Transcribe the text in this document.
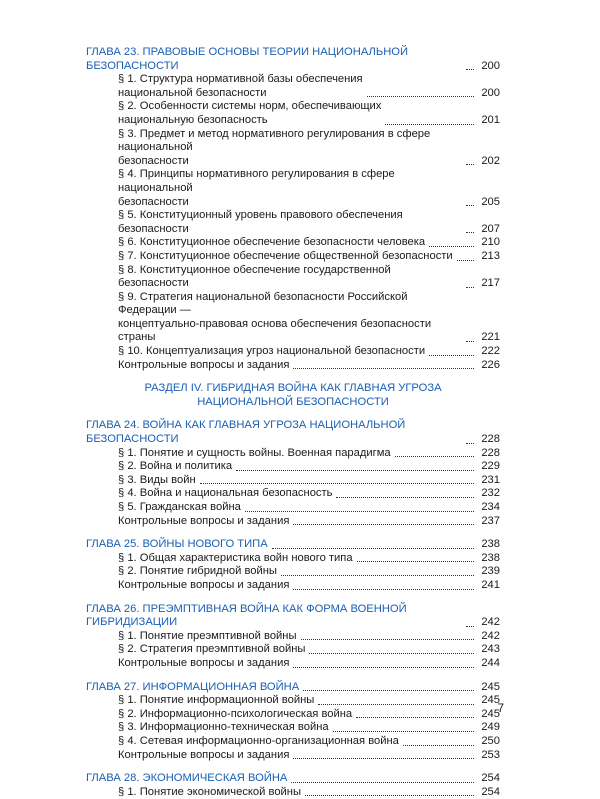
ГЛАВА 23. ПРАВОВЫЕ ОСНОВЫ ТЕОРИИ НАЦИОНАЛЬНОЙ БЕЗОПАСНОСТИ	200
§ 1. Структура нормативной базы обеспечения
национальной безопасности	200
§ 2. Особенности системы норм, обеспечивающих
национальную безопасность	201
§ 3. Предмет и метод нормативного регулирования в сфере национальной
безопасности	202
§ 4. Принципы нормативного регулирования в сфере национальной
безопасности	205
§ 5. Конституционный уровень правового обеспечения безопасности	207
§ 6. Конституционное обеспечение безопасности человека	210
§ 7. Конституционное обеспечение общественной безопасности	213
§ 8. Конституционное обеспечение государственной безопасности	217
§ 9. Стратегия национальной безопасности Российской Федерации —
концептуально-правовая основа обеспечения безопасности страны	221
§ 10. Концептуализация угроз национальной безопасности	222
Контрольные вопросы и задания	226
РАЗДЕЛ IV. ГИБРИДНАЯ ВОЙНА КАК ГЛАВНАЯ УГРОЗА
НАЦИОНАЛЬНОЙ БЕЗОПАСНОСТИ
ГЛАВА 24. ВОЙНА КАК ГЛАВНАЯ УГРОЗА НАЦИОНАЛЬНОЙ БЕЗОПАСНОСТИ	228
§ 1. Понятие и сущность войны. Военная парадигма	228
§ 2. Война и политика	229
§ 3. Виды войн	231
§ 4. Война и национальная безопасность	232
§ 5. Гражданская война	234
Контрольные вопросы и задания	237
ГЛАВА 25. ВОЙНЫ НОВОГО ТИПА	238
§ 1. Общая характеристика войн нового типа	238
§ 2. Понятие гибридной войны	239
Контрольные вопросы и задания	241
ГЛАВА 26. ПРЕЭМПТИВНАЯ ВОЙНА КАК ФОРМА ВОЕННОЙ ГИБРИДИЗАЦИИ	242
§ 1. Понятие преэмптивной войны	242
§ 2. Стратегия преэмптивной войны	243
Контрольные вопросы и задания	244
ГЛАВА 27. ИНФОРМАЦИОННАЯ ВОЙНА	245
§ 1. Понятие информационной войны	245
§ 2. Информационно-психологическая война	245
§ 3. Информационно-техническая война	249
§ 4. Сетевая информационно-организационная война	250
Контрольные вопросы и задания	253
ГЛАВА 28. ЭКОНОМИЧЕСКАЯ ВОЙНА	254
§ 1. Понятие экономической войны	254
7
